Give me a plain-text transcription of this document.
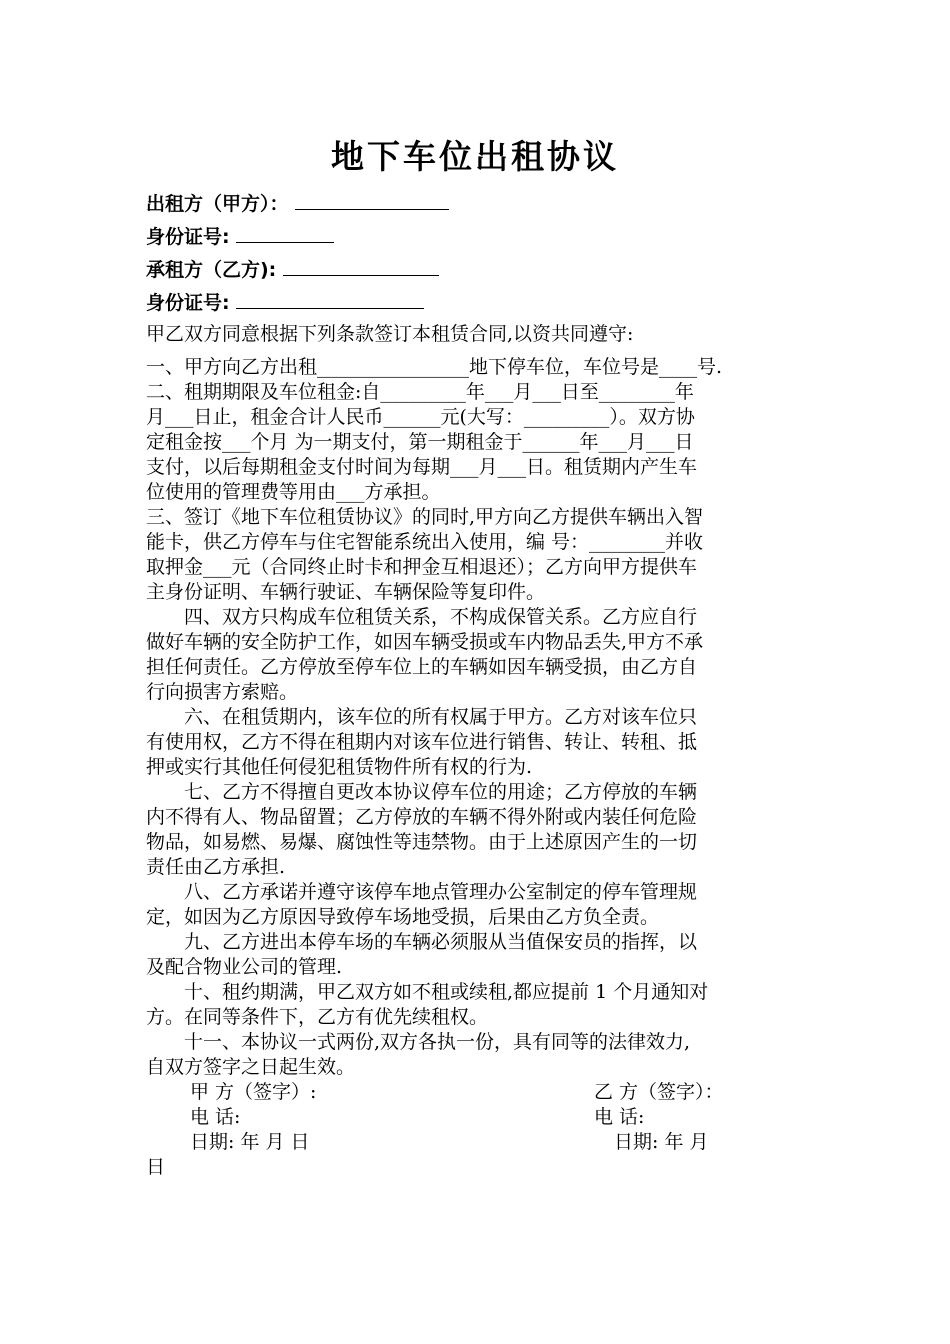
地下车位出租协议
出租方（甲方）：
身份证号:
承租方（乙方):
身份证号:
甲乙双方同意根据下列条款签订本租赁合同,以资共同遵守:
一、甲方向乙方出租________________地下停车位，车位号是____号.
二、租期期限及车位租金:自_________年___月___日至________年
月___日止，租金合计人民币______元(大写：_________）。双方协
定租金按___个月 为一期支付，第一期租金于______年___月___日
支付，以后每期租金支付时间为每期___月___日。租赁期内产生车
位使用的管理费等用由___方承担。
三、签订《地下车位租赁协议》的同时,甲方向乙方提供车辆出入智
能卡，供乙方停车与住宅智能系统出入使用，编 号：________并收
取押金___元（合同终止时卡和押金互相退还）；乙方向甲方提供车
主身份证明、车辆行驶证、车辆保险等复印件。
　　四、双方只构成车位租赁关系，不构成保管关系。乙方应自行
做好车辆的安全防护工作，如因车辆受损或车内物品丢失,甲方不承
担任何责任。乙方停放至停车位上的车辆如因车辆受损，由乙方自
行向损害方索赔。
　　六、在租赁期内，该车位的所有权属于甲方。乙方对该车位只
有使用权，乙方不得在租期内对该车位进行销售、转让、转租、抵
押或实行其他任何侵犯租赁物件所有权的行为.
　　七、乙方不得擅自更改本协议停车位的用途；乙方停放的车辆
内不得有人、物品留置；乙方停放的车辆不得外附或内装任何危险
物品，如易燃、易爆、腐蚀性等违禁物。由于上述原因产生的一切
责任由乙方承担.
　　八、乙方承诺并遵守该停车地点管理办公室制定的停车管理规
定，如因为乙方原因导致停车场地受损，后果由乙方负全责。
　　九、乙方进出本停车场的车辆必须服从当值保安员的指挥，以
及配合物业公司的管理.
　　十、租约期满，甲乙双方如不租或续租,都应提前 1 个月通知对
方。在同等条件下，乙方有优先续租权。
　　十一、本协议一式两份,双方各执一份，具有同等的法律效力,
自双方签字之日起生效。
甲 方（签字）:	乙 方（签字）：
电 话:	电 话:
日期: 年 月 日	日期: 年 月
日
